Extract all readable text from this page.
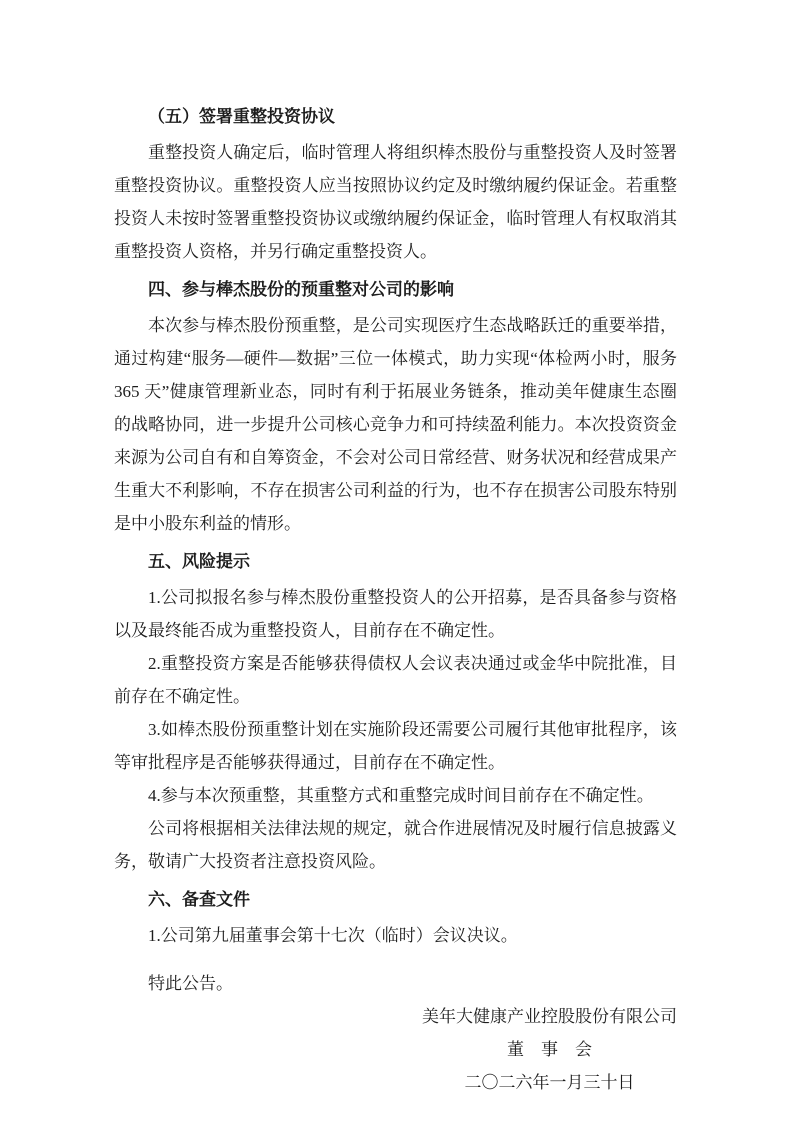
（五）签署重整投资协议

重整投资人确定后，临时管理人将组织棒杰股份与重整投资人及时签署重整投资协议。重整投资人应当按照协议约定及时缴纳履约保证金。若重整投资人未按时签署重整投资协议或缴纳履约保证金，临时管理人有权取消其重整投资人资格，并另行确定重整投资人。

四、参与棒杰股份的预重整对公司的影响

本次参与棒杰股份预重整，是公司实现医疗生态战略跃迁的重要举措，通过构建“服务—硬件—数据”三位一体模式，助力实现“体检两小时，服务 365 天”健康管理新业态，同时有利于拓展业务链条，推动美年健康生态圈的战略协同，进一步提升公司核心竞争力和可持续盈利能力。本次投资资金来源为公司自有和自筹资金，不会对公司日常经营、财务状况和经营成果产生重大不利影响，不存在损害公司利益的行为，也不存在损害公司股东特别是中小股东利益的情形。

五、风险提示

1.公司拟报名参与棒杰股份重整投资人的公开招募，是否具备参与资格以及最终能否成为重整投资人，目前存在不确定性。

2.重整投资方案是否能够获得债权人会议表决通过或金华中院批准，目前存在不确定性。

3.如棒杰股份预重整计划在实施阶段还需要公司履行其他审批程序，该等审批程序是否能够获得通过，目前存在不确定性。

4.参与本次预重整，其重整方式和重整完成时间目前存在不确定性。

公司将根据相关法律法规的规定，就合作进展情况及时履行信息披露义务，敬请广大投资者注意投资风险。

六、备查文件

1.公司第九届董事会第十七次（临时）会议决议。

特此公告。

美年大健康产业控股股份有限公司
董　事　会
二〇二六年一月三十日
